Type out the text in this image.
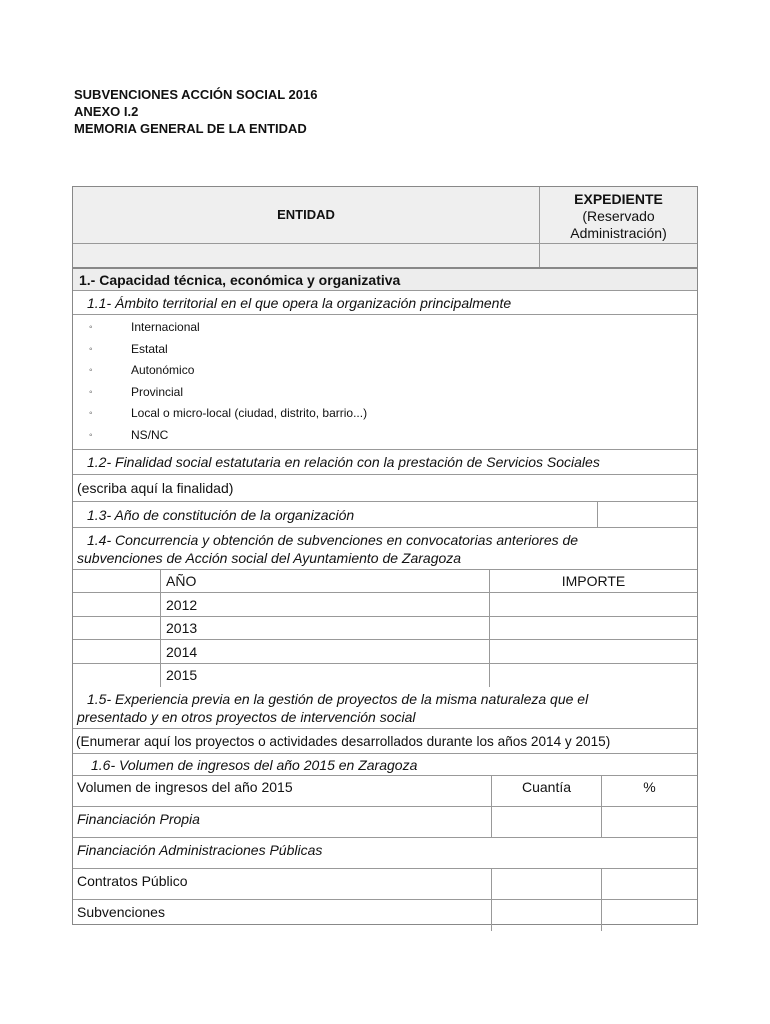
SUBVENCIONES ACCIÓN SOCIAL 2016
ANEXO I.2
MEMORIA GENERAL DE LA ENTIDAD
ENTIDAD
EXPEDIENTE
(Reservado
Administración)
1.- Capacidad técnica, económica y organizativa
1.1- Ámbito territorial en el que opera la organización principalmente
◦	Internacional
◦	Estatal
◦	Autonómico
◦	Provincial
◦	Local o micro-local (ciudad, distrito, barrio...)
◦	NS/NC
1.2- Finalidad social estatutaria en relación con la prestación de Servicios Sociales
(escriba aquí la finalidad)
1.3- Año de constitución de la organización
1.4- Concurrencia y obtención de subvenciones en convocatorias anteriores de
subvenciones de Acción social del Ayuntamiento de Zaragoza
AÑO	IMPORTE
2012
2013
2014
2015
1.5- Experiencia previa en la gestión de proyectos de la misma naturaleza que el
presentado y en otros proyectos de intervención social
(Enumerar aquí los proyectos o actividades desarrollados durante los años 2014 y 2015)
1.6- Volumen de ingresos del año 2015 en Zaragoza
Volumen de ingresos del año 2015	Cuantía	%
Financiación Propia
Financiación Administraciones Públicas
Contratos Público
Subvenciones
